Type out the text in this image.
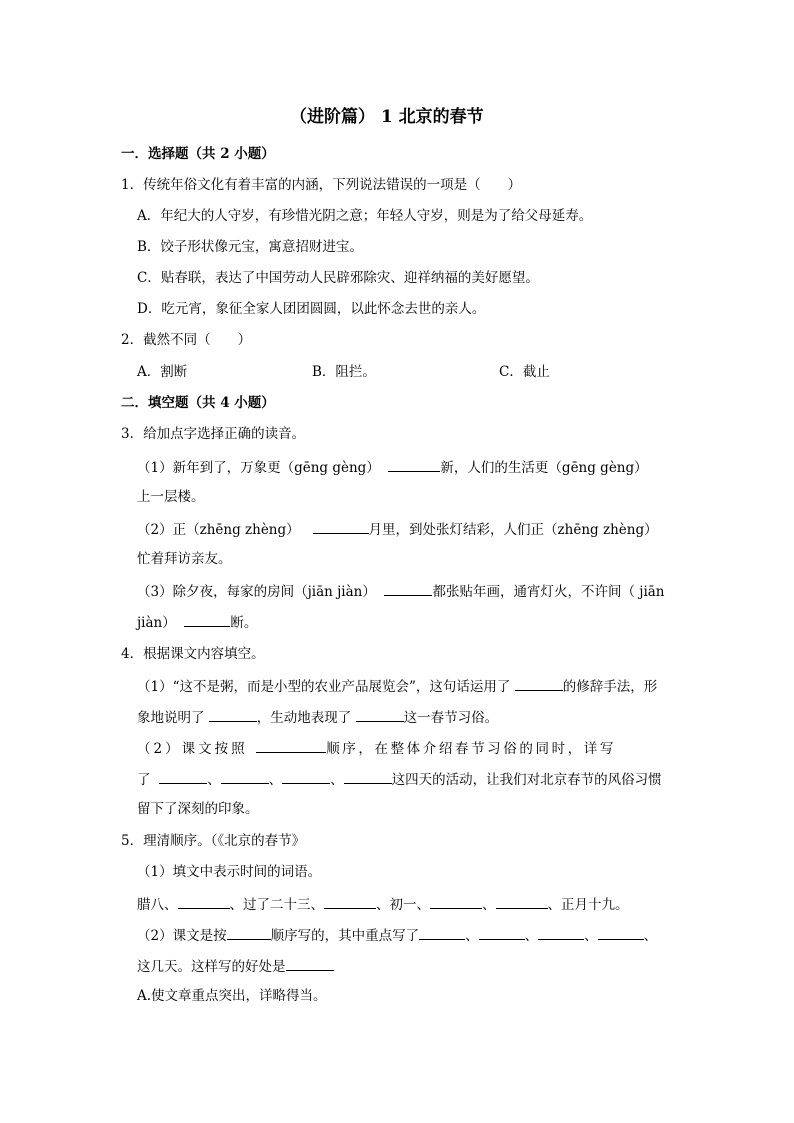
（进阶篇） 1 北京的春节
一．选择题（共 2 小题）
1．传统年俗文化有着丰富的内涵，下列说法错误的一项是（　　）
A．年纪大的人守岁，有珍惜光阴之意；年轻人守岁，则是为了给父母延寿。
B．饺子形状像元宝，寓意招财进宝。
C．贴春联，表达了中国劳动人民辟邪除灾、迎祥纳福的美好愿望。
D．吃元宵，象征全家人团团圆圆，以此怀念去世的亲人。
2．截然不同（　　）
A．割断	B．阻拦。	C．截止
二．填空题（共 4 小题）
3．给加点字选择正确的读音。
（1）新年到了，万象更（gēng gèng）	新，人们的生活更（gēng gèng）
上一层楼。
（2）正（zhēng zhèng）	月里，到处张灯结彩，人们正（zhēng zhèng）
忙着拜访亲友。
（3）除夕夜，每家的房间（jiān jiàn）	都张贴年画，通宵灯火，不许间（ jiān
jiàn）	断。
4．根据课文内容填空。
（1）“这不是粥，而是小型的农业产品展览会”，这句话运用了	的修辞手法，形
象地说明了	，生动地表现了	这一春节习俗。
（2）课文按照	顺序，在整体介绍春节习俗的同时，详写
了	、	、	、	这四天的活动，让我们对北京春节的风俗习惯
留下了深刻的印象。
5．理清顺序。（《北京的春节》
（1）填文中表示时间的词语。
腊八、	、过了二十三、	、初一、	、	、正月十九。
（2）课文是按	顺序写的，其中重点写了	、	、	、	、
这几天。这样写的好处是
A.使文章重点突出，详略得当。
